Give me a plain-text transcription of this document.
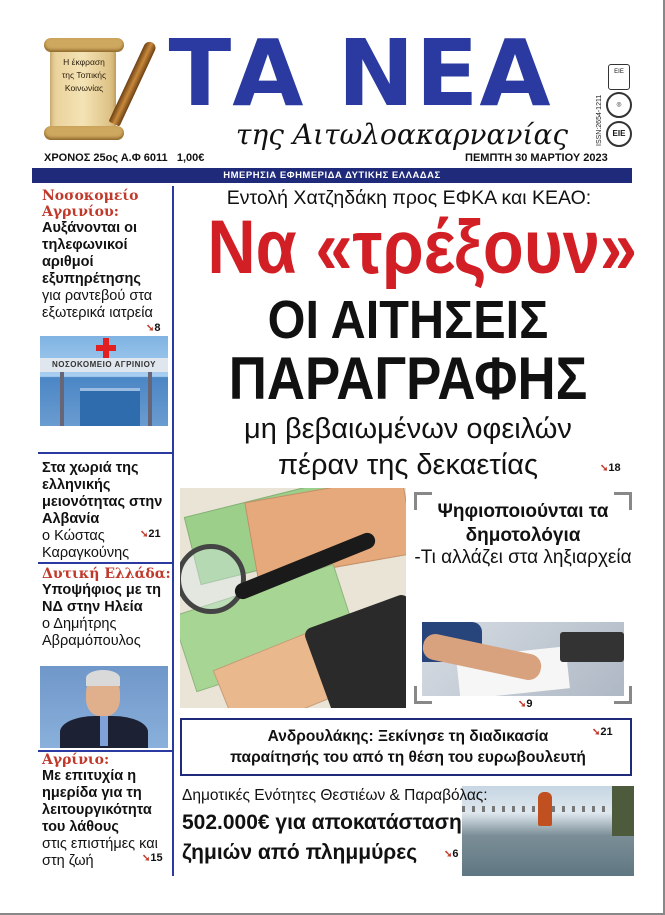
Η έκφραση
της Τοπικής
Κοινωνίας ΤΑ ΝΕΑ
της Αιτωλοακαρνανίας	ISSN:2654-1211
ΕΙΕ
◎
ΕΙΕ
ΧΡΟΝΟΣ 25ος Α.Φ 6011 1,00€	ΠΕΜΠΤΗ 30 ΜΑΡΤΙΟΥ 2023
ΗΜΕΡΗΣΙΑ ΕΦΗΜΕΡΙΔΑ ΔΥΤΙΚΗΣ ΕΛΛΑΔΑΣ
Νοσοκομείο Αγρινίου:
Αυξάνονται οι τηλεφωνικοί αριθμοί εξυπηρέτησης
για ραντεβού στα εξωτερικά ιατρεία
➘8
ΝΟΣΟΚΟΜΕΙΟ ΑΓΡΙΝΙΟΥ
Στα χωριά της ελληνικής μειονότητας στην Αλβανία
ο Κώστας Καραγκούνης
➘21
Δυτική Ελλάδα:
Υποψήφιος με τη ΝΔ στην Ηλεία
ο Δημήτρης Αβραμόπουλος
Αγρίνιο:
Με επιτυχία η ημερίδα για τη λειτουργικότητα του λάθους
στις επιστήμες και στη ζωή	➘15
Εντολή Χατζηδάκη προς ΕΦΚΑ και ΚΕΑΟ:
Να «τρέξουν»
ΟΙ ΑΙΤΗΣΕΙΣ
ΠΑΡΑΓΡΑΦΗΣ
μη βεβαιωμένων οφειλών
πέραν της δεκαετίας	➘18
Ψηφιοποιούνται τα δημοτολόγια
-Τι αλλάζει στα ληξιαρχεία
➘9
Ανδρουλάκης: Ξεκίνησε τη διαδικασία
παραίτησής του από τη θέση του ευρωβουλευτή
➘21
Δημοτικές Ενότητες Θεστιέων & Παραβόλας:
502.000€ για αποκατάσταση
ζημιών από πλημμύρες	➘6
